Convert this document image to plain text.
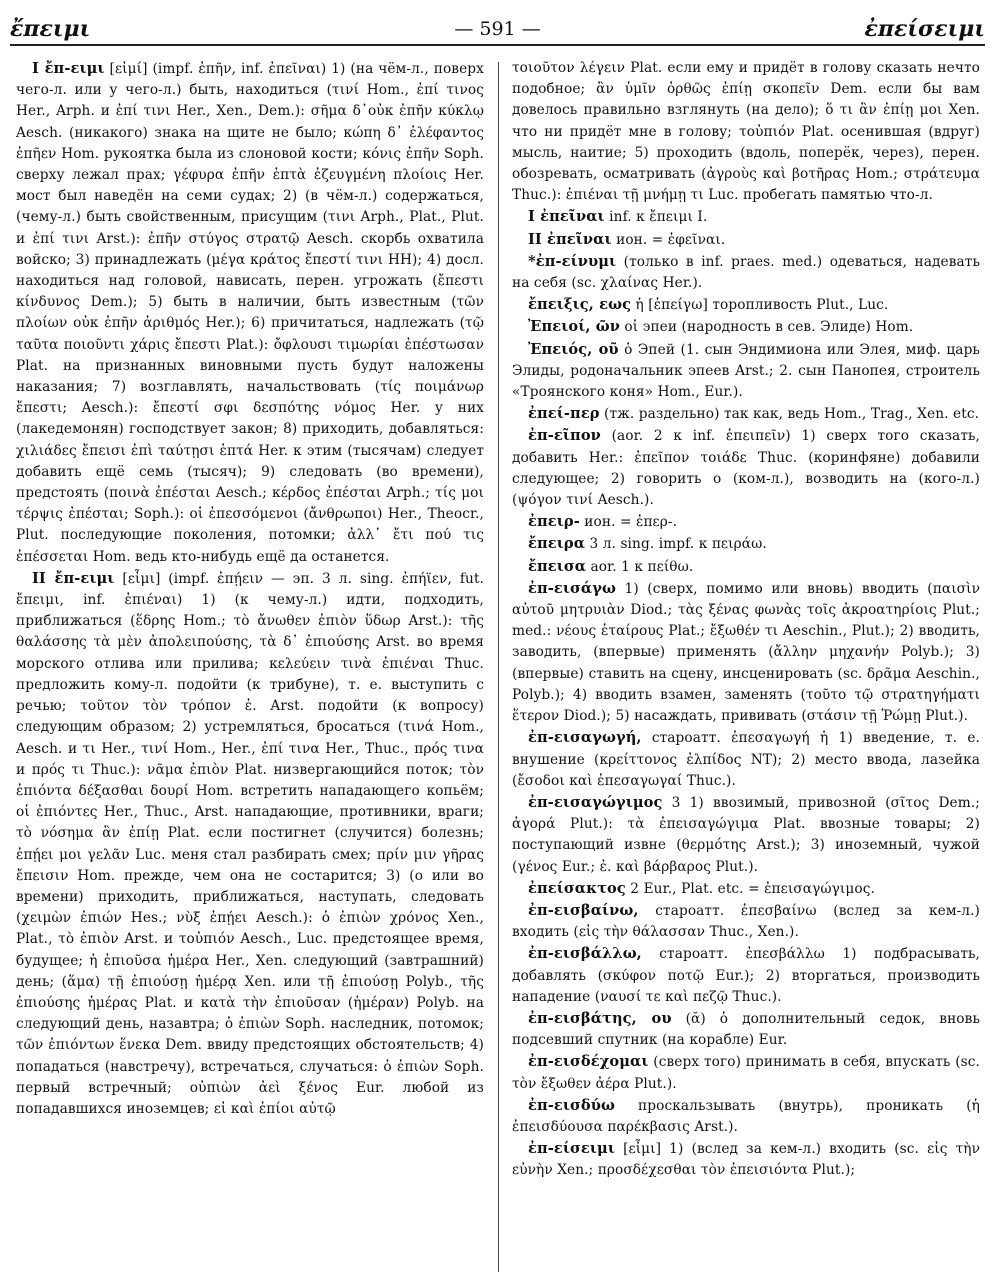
ἔπειμι	— 591 —	ἐπείσειμι

I ἔπ-ειμι [εἰμί] (impf. ἐπῆν, inf. ἐπεῖναι) 1) (на чём-л., поверх чего-л. или у чего-л.) быть, находиться (τινί Hom., ἐπί τινος Her., Arph. и ἐπί τινι Her., Xen., Dem.): σῆμα δ᾽οὐκ ἐπῆν κύκλῳ Aesch. (никакого) знака на щите не было; κώπη δ᾽ ἐλέφαντος ἐπῆεν Hom. рукоятка была из слоновой кости; κόνις ἐπῆν Soph. сверху лежал прах; γέφυρα ἐπῆν ἑπτὰ ἐζευγμένη πλοίοις Her. мост был наведён на семи судах; 2) (в чём-л.) содержаться, (чему-л.) быть свойственным, присущим (τινι Arph., Plat., Plut. и ἐπί τινι Arst.): ἐπῆν στύγος στρατῷ Aesch. скорбь охватила войско; 3) принадлежать (μέγα κράτος ἔπεστί τινι HH); 4) досл. находиться над головой, нависать, перен. угрожать (ἔπεστι κίνδυνος Dem.); 5) быть в наличии, быть известным (τῶν πλοίων οὐκ ἐπῆν ἀριθμός Her.); 6) причитаться, надлежать (τῷ ταῦτα ποιοῦντι χάρις ἔπεστι Plat.): ὄφλουσι τιμωρίαι ἐπέστωσαν Plat. на признанных виновными пусть будут наложены наказания; 7) возглавлять, начальствовать (τίς ποιμάνωρ ἔπεστι; Aesch.): ἔπεστί σφι δεσπότης νόμος Her. у них (лакедемонян) господствует закон; 8) приходить, добавляться: χιλιάδες ἔπεισι ἐπὶ ταύτῃσι ἑπτά Her. к этим (тысячам) следует добавить ещё семь (тысяч); 9) следовать (во времени), предстоять (ποινὰ ἐπέσται Aesch.; κέρδος ἐπέσται Arph.; τίς μοι τέρψις ἐπέσται; Soph.): οἱ ἐπεσσόμενοι (ἄνθρωποι) Her., Theocr., Plut. последующие поколения, потомки; ἀλλ᾽ ἔτι πού τις ἐπέσσεται Hom. ведь кто-нибудь ещё да останется.

II ἔπ-ειμι [εἶμι] (impf. ἐπῄειν — эп. 3 л. sing. ἐπήϊεν, fut. ἔπειμι, inf. ἐπιέναι) 1) (к чему-л.) идти, подходить, приближаться (ἕδρης Hom.; τὸ ἄνωθεν ἐπιὸν ὕδωρ Arst.): τῆς θαλάσσης τὰ μὲν ἀπολειπούσης, τὰ δ᾽ ἐπιούσης Arst. во время морского отлива или прилива; κελεύειν τινὰ ἐπιέναι Thuc. предложить кому-л. подойти (к трибуне), т. е. выступить с речью; τοῦτον τὸν τρόπον ἐ. Arst. подойти (к вопросу) следующим образом; 2) устремляться, бросаться (τινά Hom., Aesch. и τι Her., τινί Hom., Her., ἐπί τινα Her., Thuc., πρός τινα и πρός τι Thuc.): νᾶμα ἐπιὸν Plat. низвергающийся поток; τὸν ἐπιόντα δέξασθαι δουρί Hom. встретить нападающего копьём; οἱ ἐπιόντες Her., Thuc., Arst. нападающие, противники, враги; τὸ νόσημα ἂν ἐπίῃ Plat. если постигнет (случится) болезнь; ἐπῄει μοι γελᾶν Luc. меня стал разбирать смех; πρίν μιν γῆρας ἔπεισιν Hom. прежде, чем она не состарится; 3) (о или во времени) приходить, приближаться, наступать, следовать (χειμὼν ἐπιών Hes.; νὺξ ἐπῄει Aesch.): ὁ ἐπιὼν χρόνος Xen., Plat., τὸ ἐπιὸν Arst. и τοὐπιόν Aesch., Luc. предстоящее время, будущее; ἡ ἐπιοῦσα ἡμέρα Her., Xen. следующий (завтрашний) день; (ἅμα) τῇ ἐπιούσῃ ἡμέρᾳ Xen. или τῇ ἐπιούσῃ Polyb., τῆς ἐπιούσης ἡμέρας Plat. и κατὰ τὴν ἐπιοῦσαν (ἡμέραν) Polyb. на следующий день, назавтра; ὁ ἐπιὼν Soph. наследник, потомок; τῶν ἐπιόντων ἕνεκα Dem. ввиду предстоящих обстоятельств; 4) попадаться (навстречу), встречаться, случаться: ὁ ἐπιὼν Soph. первый встречный; οὐπιὼν ἀεὶ ξένος Eur. любой из попадавшихся иноземцев; εἰ καὶ ἐπίοι αὐτῷ

τοιοῦτον λέγειν Plat. если ему и придёт в голову сказать нечто подобное; ἂν ὑμῖν ὀρθῶς ἐπίῃ σκοπεῖν Dem. если бы вам довелось правильно взглянуть (на дело); ὅ τι ἂν ἐπίῃ μοι Xen. что ни придёт мне в голову; τοὐπιόν Plat. осенившая (вдруг) мысль, наитие; 5) проходить (вдоль, поперёк, через), перен. обозревать, осматривать (ἀγροὺς καὶ βοτῆρας Hom.; στράτευμα Thuc.): ἐπιέναι τῇ μνήμῃ τι Luc. пробегать памятью что-л.

I ἐπεῖναι inf. к ἔπειμι I.

II ἐπεῖναι ион. = ἐφεῖναι.

*ἐπ-είνυμι (только в inf. praes. med.) одеваться, надевать на себя (sc. χλαίνας Her.).

ἔπειξις, εως ἡ [ἐπείγω] торопливость Plut., Luc.

Ἐπειοί, ῶν οἱ эпеи (народность в сев. Элиде) Hom.

Ἐπειός, οῦ ὁ Эпей (1. сын Эндимиона или Элея, миф. царь Элиды, родоначальник эпеев Arst.; 2. сын Панопея, строитель «Троянского коня» Hom., Eur.).

ἐπεί-περ (тж. раздельно) так как, ведь Hom., Trag., Xen. etc.

ἐπ-εῖπον (aor. 2 к inf. ἐπειπεῖν) 1) сверх того сказать, добавить Her.: ἐπεῖπον τοιάδε Thuc. (коринфяне) добавили следующее; 2) говорить о (ком-л.), возводить на (кого-л.) (ψόγον τινί Aesch.).

ἐπειρ- ион. = ἐπερ-.

ἔπειρα 3 л. sing. impf. к πειράω.

ἔπεισα aor. 1 к πείθω.

ἐπ-εισάγω 1) (сверх, помимо или вновь) вводить (παισὶν αὐτοῦ μητρυιὰν Diod.; τὰς ξένας φωνὰς τοῖς ἀκροατηρίοις Plut.; med.: νέους ἑταίρους Plat.; ἔξωθέν τι Aeschin., Plut.); 2) вводить, заводить, (впервые) применять (ἄλλην μηχανήν Polyb.); 3) (впервые) ставить на сцену, инсценировать (sc. δρᾶμα Aeschin., Polyb.); 4) вводить взамен, заменять (τοῦτο τῷ στρατηγήματι ἕτερον Diod.); 5) насаждать, прививать (στάσιν τῇ Ῥώμῃ Plut.).

ἐπ-εισαγωγή, староатт. ἐπεσαγωγή ἡ 1) введение, т. е. внушение (κρείττονος ἐλπίδος NT); 2) место ввода, лазейка (ἔσοδοι καὶ ἐπεσαγωγαί Thuc.).

ἐπ-εισαγώγιμος 3 1) ввозимый, привозной (σῖτος Dem.; ἀγορά Plut.): τὰ ἐπεισαγώγιμα Plat. ввозные товары; 2) поступающий извне (θερμότης Arst.); 3) иноземный, чужой (γένος Eur.; ἐ. καὶ βάρβαρος Plut.).

ἐπείσακτος 2 Eur., Plat. etc. = ἐπεισαγώγιμος.

ἐπ-εισβαίνω, староатт. ἐπεσβαίνω (вслед за кем-л.) входить (εἰς τὴν θάλασσαν Thuc., Xen.).

ἐπ-εισβάλλω, староатт. ἐπεσβάλλω 1) подбрасывать, добавлять (σκύφον ποτῷ Eur.); 2) вторгаться, производить нападение (ναυσί τε καὶ πεζῷ Thuc.).

ἐπ-εισβάτης, ου (ᾰ) ὁ дополнительный седок, вновь подсевший спутник (на корабле) Eur.

ἐπ-εισδέχομαι (сверх того) принимать в себя, впускать (sc. τὸν ἔξωθεν ἀέρα Plut.).

ἐπ-εισδύω проскальзывать (внутрь), проникать (ἡ ἐπεισδύουσα παρέκβασις Arst.).

ἐπ-είσειμι [εἶμι] 1) (вслед за кем-л.) входить (sc. εἰς τὴν εὐνὴν Xen.; προσδέχεσθαι τὸν ἐπεισιόντα Plut.);
